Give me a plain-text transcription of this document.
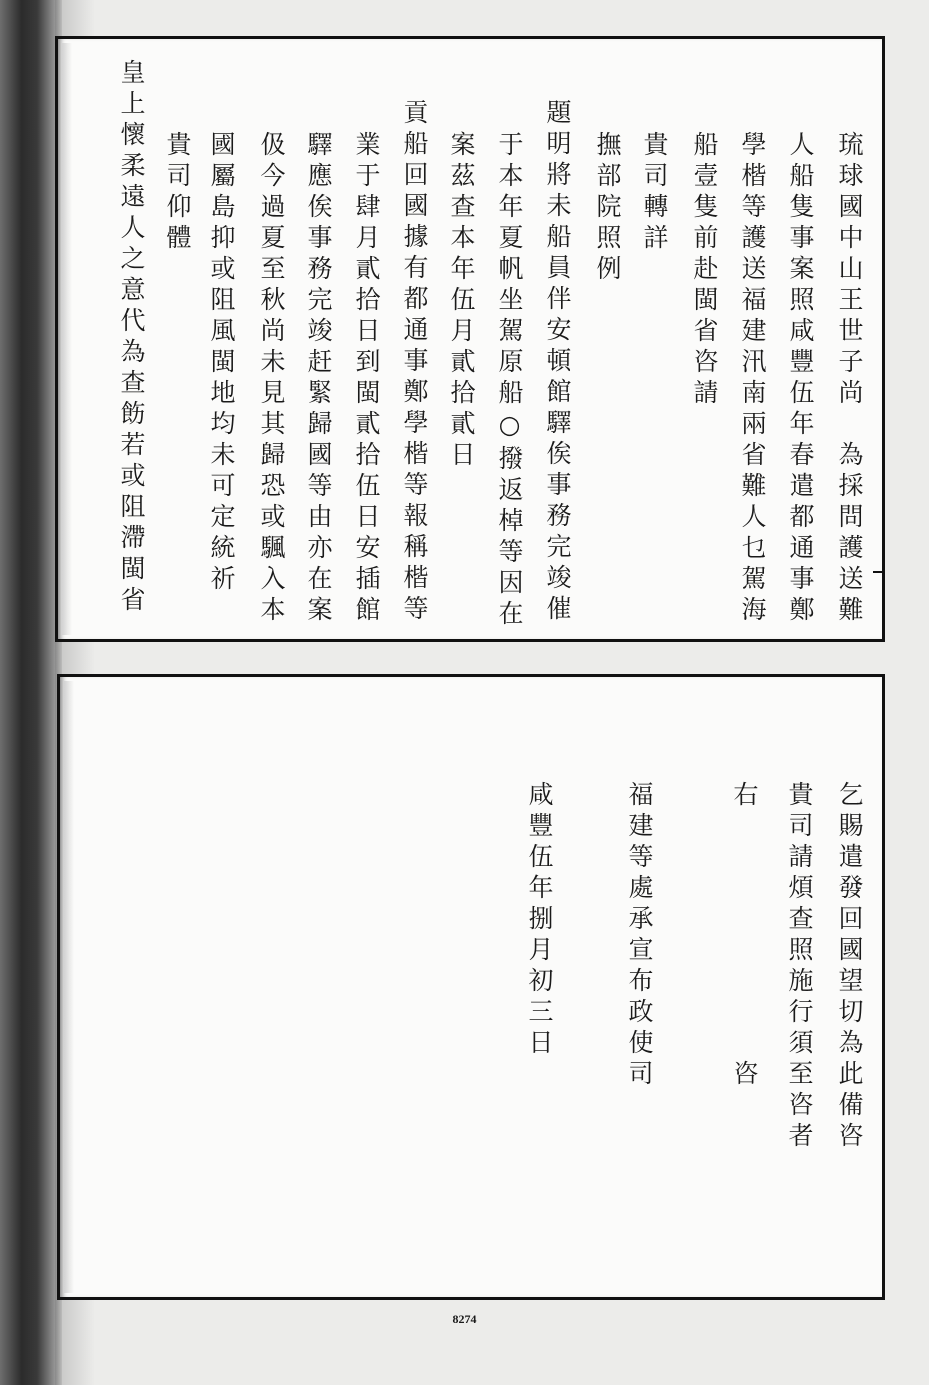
琉球國中山王世子尚　為採問護送難
人船隻事案照咸豐伍年春遣都通事鄭
學楷等護送福建汛南兩省難人乜駕海
船壹隻前赴閩省咨請
貴司轉詳
撫部院照例
題明將未船員伴安頓館驛俟事務完竣催
于本年夏帆坐駕原船○撥返棹等因在
案茲查本年伍月貳拾貳日
貢船回國據有都通事鄭學楷等報稱楷等
業于肆月貳拾日到閩貳拾伍日安插館
驛應俟事務完竣赶緊歸國等由亦在案
伋今過夏至秋尚未見其歸恐或颿入本
國屬島抑或阻風閩地均未可定統祈
貴司仰體
皇上懷柔遠人之意代為查飭若或阻滯閩省
乞賜遣發回國望切為此備咨
貴司請煩查照施行須至咨者
右　　　　　　　　咨
福建等處承宣布政使司
咸豐伍年捌月初三日
8274
